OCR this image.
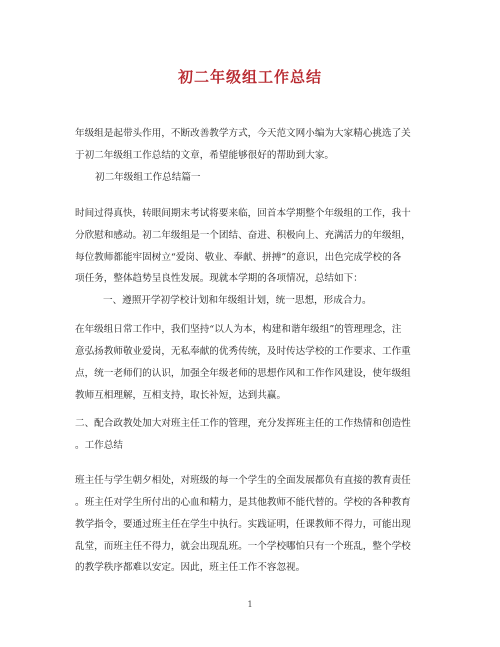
初二年级组工作总结
年级组是起带头作用，不断改善教学方式，今天范文网小编为大家精心挑选了关
于初二年级组工作总结的文章，希望能够很好的帮助到大家。
初二年级组工作总结篇一
时间过得真快，转眼间期末考试将要来临，回首本学期整个年级组的工作，我十
分欣慰和感动。初二年级组是一个团结、奋进、积极向上、充满活力的年级组，
每位教师都能牢固树立“爱岗、敬业、奉献、拼搏”的意识，出色完成学校的各
项任务，整体趋势呈良性发展。现就本学期的各项情况，总结如下：
一、遵照开学初学校计划和年级组计划，统一思想，形成合力。
在年级组日常工作中，我们坚持“以人为本，构建和谐年级组”的管理理念，注
意弘扬教师敬业爱岗，无私奉献的优秀传统，及时传达学校的工作要求、工作重
点，统一老师们的认识，加强全年级老师的思想作风和工作作风建设，使年级组
教师互相理解，互相支持，取长补短，达到共赢。
二、配合政教处加大对班主任工作的管理，充分发挥班主任的工作热情和创造性
。工作总结
班主任与学生朝夕相处，对班级的每一个学生的全面发展都负有直接的教育责任
。班主任对学生所付出的心血和精力，是其他教师不能代替的。学校的各种教育
教学指令，要通过班主任在学生中执行。实践证明，任课教师不得力，可能出现
乱堂，而班主任不得力，就会出现乱班。一个学校哪怕只有一个班乱，整个学校
的教学秩序都难以安定。因此，班主任工作不容忽视。
1
